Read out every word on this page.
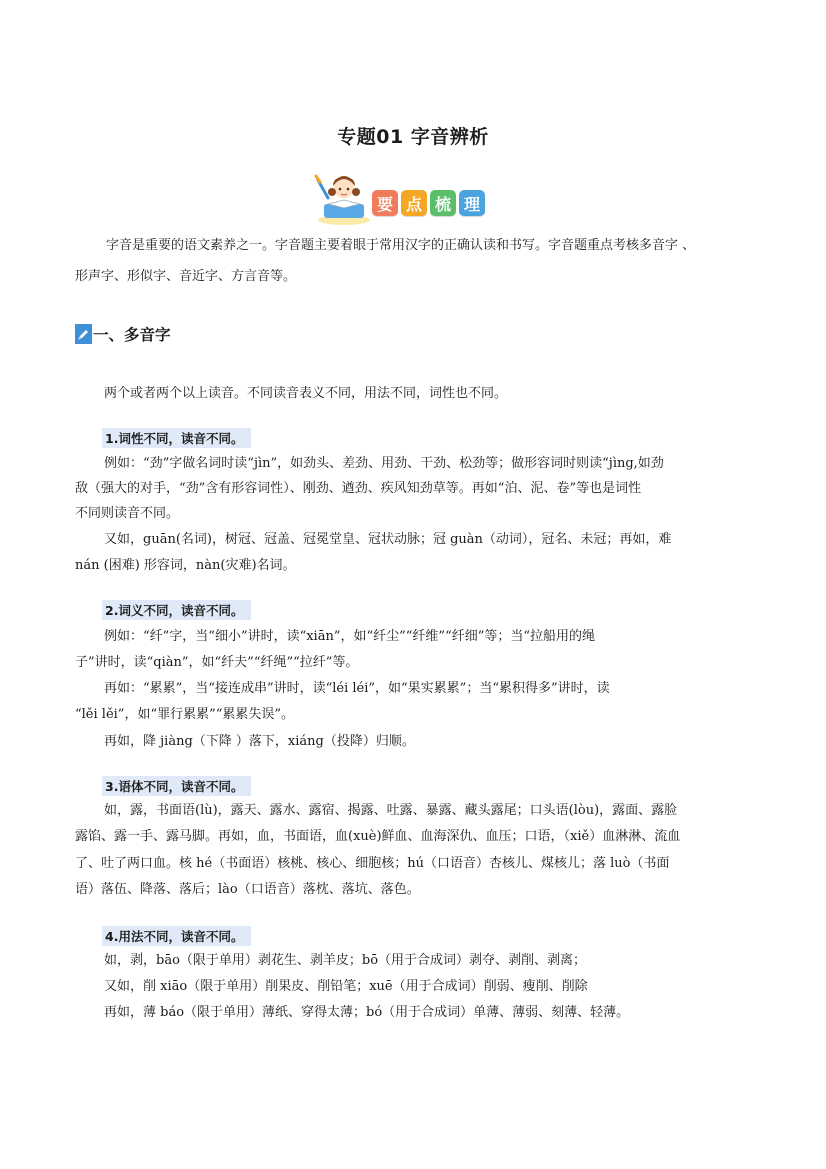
专题01 字音辨析
要 点 梳 理
字音是重要的语文素养之一。字音题主要着眼于常用汉字的正确认读和书写。字音题重点考核多音字 、
形声字、形似字、音近字、方言音等。
一、多音字
两个或者两个以上读音。不同读音表义不同，用法不同，词性也不同。
1.词性不同，读音不同。
例如：“劲”字做名词时读“jìn”，如劲头、差劲、用劲、干劲、松劲等；做形容词时则读“jìng,如劲
敌（强大的对手，“劲”含有形容词性）、刚劲、遒劲、疾风知劲草等。再如“泊、泥、卷”等也是词性
不同则读音不同。
又如，guān(名词)，树冠、冠盖、冠冕堂皇、冠状动脉；冠 guàn（动词），冠名、未冠；再如，难
nán (困难) 形容词，nàn(灾难)名词。
2.词义不同，读音不同。
例如：“纤”字，当“细小”讲时，读“xiān”，如“纤尘”“纤维”“纤细”等；当“拉船用的绳
子”讲时，读“qiàn”，如“纤夫”“纤绳”“拉纤”等。
再如：“累累”，当“接连成串”讲时，读“léi léi”，如“果实累累”；当“累积得多”讲时，读
“lěi lěi”，如“罪行累累”“累累失误”。
再如，降 jiàng（下降 ）落下，xiáng（投降）归顺。
3.语体不同，读音不同。
如，露，书面语(lù)，露天、露水、露宿、揭露、吐露、暴露、藏头露尾；口头语(lòu)，露面、露脸
露馅、露一手、露马脚。再如，血，书面语，血(xuè)鲜血、血海深仇、血压；口语，（xiě）血淋淋、流血
了、吐了两口血。核 hé（书面语）核桃、核心、细胞核；hú（口语音）杏核儿、煤核儿；落 luò（书面
语）落伍、降落、落后；lào（口语音）落枕、落坑、落色。
4.用法不同，读音不同。
如，剥，bāo（限于单用）剥花生、剥羊皮；bō（用于合成词）剥夺、剥削、剥离；
又如，削 xiāo（限于单用）削果皮、削铅笔；xuē（用于合成词）削弱、瘦削、削除
再如，薄 báo（限于单用）薄纸、穿得太薄；bó（用于合成词）单薄、薄弱、刻薄、轻薄。
